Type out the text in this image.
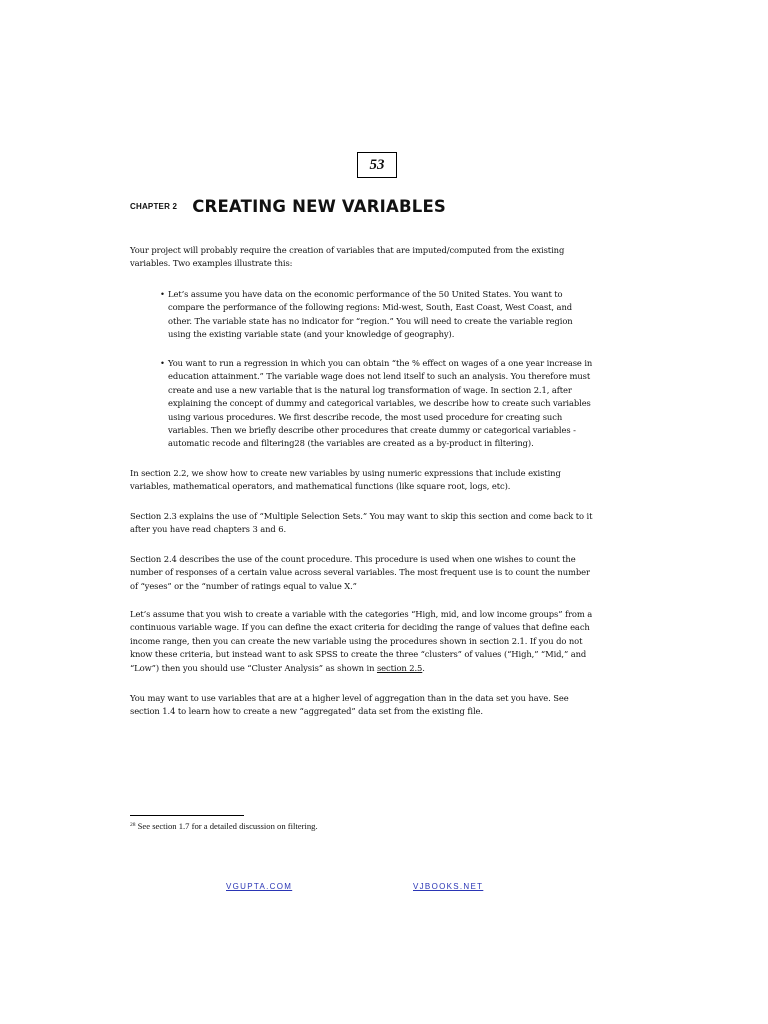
53
CHAPTER 2 CREATING NEW VARIABLES

Your project will probably require the creation of variables that are imputed/computed from the existing variables. Two examples illustrate this:

• Let’s assume you have data on the economic performance of the 50 United States. You want to compare the performance of the following regions: Mid-west, South, East Coast, West Coast, and other. The variable state has no indicator for “region.” You will need to create the variable region using the existing variable state (and your knowledge of geography).
• You want to run a regression in which you can obtain “the % effect on wages of a one year increase in education attainment.” The variable wage does not lend itself to such an analysis. You therefore must create and use a new variable that is the natural log transformation of wage. In section 2.1, after explaining the concept of dummy and categorical variables, we describe how to create such variables using various procedures. We first describe recode, the most used procedure for creating such variables. Then we briefly describe other procedures that create dummy or categorical variables - automatic recode and filtering28 (the variables are created as a by-product in filtering).

In section 2.2, we show how to create new variables by using numeric expressions that include existing variables, mathematical operators, and mathematical functions (like square root, logs, etc).

Section 2.3 explains the use of “Multiple Selection Sets.” You may want to skip this section and come back to it after you have read chapters 3 and 6.

Section 2.4 describes the use of the count procedure. This procedure is used when one wishes to count the number of responses of a certain value across several variables. The most frequent use is to count the number of “yeses” or the “number of ratings equal to value X.”

Let’s assume that you wish to create a variable with the categories “High, mid, and low income groups” from a continuous variable wage. If you can define the exact criteria for deciding the range of values that define each income range, then you can create the new variable using the procedures shown in section 2.1. If you do not know these criteria, but instead want to ask SPSS to create the three “clusters” of values (“High,” “Mid,” and “Low”) then you should use “Cluster Analysis” as shown in section 2.5.

You may want to use variables that are at a higher level of aggregation than in the data set you have. See section 1.4 to learn how to create a new “aggregated” data set from the existing file.

$^{28}$ See section 1.7 for a detailed discussion on filtering.
VGUPTA.COM	VJBOOKS.NET
